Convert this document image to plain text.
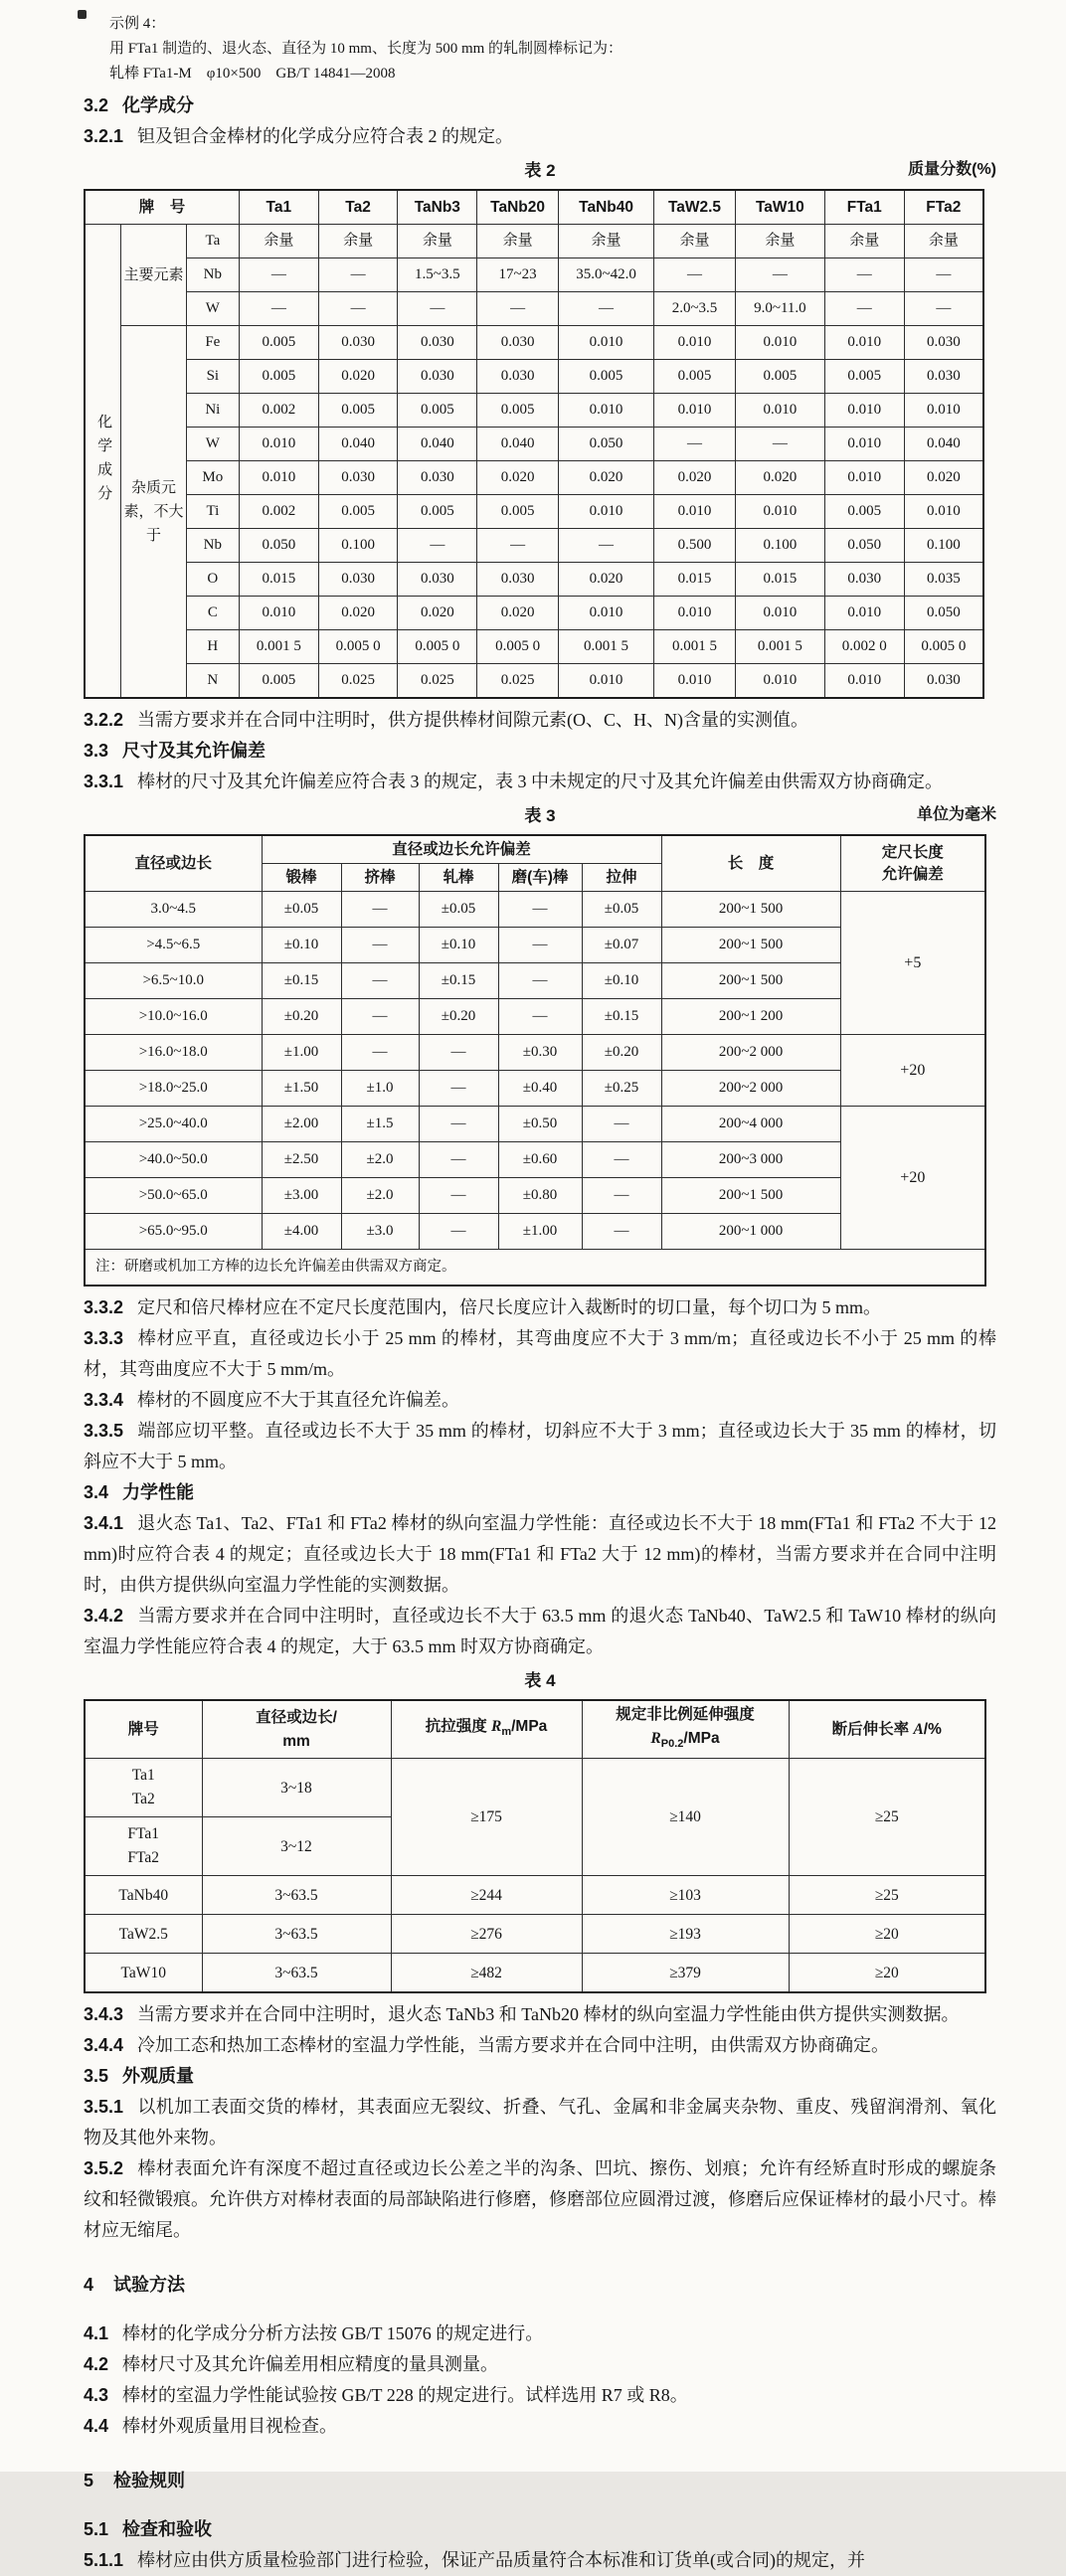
示例 4：

用 FTa1 制造的、退火态、直径为 10 mm、长度为 500 mm 的轧制圆棒标记为：

轧棒 FTa1-M　φ10×500　GB/T 14841—2008

3.2 化学成分

3.2.1 钽及钽合金棒材的化学成分应符合表 2 的规定。

表 2	质量分数(%)
牌　号			Ta1	Ta2	TaNb3	TaNb20	TaNb40	TaW2.5	TaW10	FTa1	FTa2
化学成分	主要元素	Ta	余量	余量	余量	余量	余量	余量	余量	余量	余量
		Nb	—	—	1.5~3.5	17~23	35.0~42.0	—	—	—	—
		W	—	—	—	—	—	2.0~3.5	9.0~11.0	—	—
	杂质元素，不大于	Fe	0.005	0.030	0.030	0.030	0.010	0.010	0.010	0.010	0.030
		Si	0.005	0.020	0.030	0.030	0.005	0.005	0.005	0.005	0.030
		Ni	0.002	0.005	0.005	0.005	0.010	0.010	0.010	0.010	0.010
		W	0.010	0.040	0.040	0.040	0.050	—	—	0.010	0.040
		Mo	0.010	0.030	0.030	0.020	0.020	0.020	0.020	0.010	0.020
		Ti	0.002	0.005	0.005	0.005	0.010	0.010	0.010	0.005	0.010
		Nb	0.050	0.100	—	—	—	0.500	0.100	0.050	0.100
		O	0.015	0.030	0.030	0.030	0.020	0.015	0.015	0.030	0.035
		C	0.010	0.020	0.020	0.020	0.010	0.010	0.010	0.010	0.050
		H	0.001 5	0.005 0	0.005 0	0.005 0	0.001 5	0.001 5	0.001 5	0.002 0	0.005 0
		N	0.005	0.025	0.025	0.025	0.010	0.010	0.010	0.010	0.030

3.2.2 当需方要求并在合同中注明时，供方提供棒材间隙元素(O、C、H、N)含量的实测值。

3.3 尺寸及其允许偏差

3.3.1 棒材的尺寸及其允许偏差应符合表 3 的规定，表 3 中未规定的尺寸及其允许偏差由供需双方协商确定。

表 3	单位为毫米
直径或边长	直径或边长允许偏差					长　度	定尺长度
允许偏差
	锻棒	挤棒	轧棒	磨(车)棒	拉伸		
3.0~4.5	±0.05	—	±0.05	—	±0.05	200~1 500	+5
>4.5~6.5	±0.10	—	±0.10	—	±0.07	200~1 500	
>6.5~10.0	±0.15	—	±0.15	—	±0.10	200~1 500	
>10.0~16.0	±0.20	—	±0.20	—	±0.15	200~1 200	
>16.0~18.0	±1.00	—	—	±0.30	±0.20	200~2 000	+20
>18.0~25.0	±1.50	±1.0	—	±0.40	±0.25	200~2 000	
>25.0~40.0	±2.00	±1.5	—	±0.50	—	200~4 000	+20
>40.0~50.0	±2.50	±2.0	—	±0.60	—	200~3 000	
>50.0~65.0	±3.00	±2.0	—	±0.80	—	200~1 500	
>65.0~95.0	±4.00	±3.0	—	±1.00	—	200~1 000	
注：研磨或机加工方棒的边长允许偏差由供需双方商定。							

3.3.2 定尺和倍尺棒材应在不定尺长度范围内，倍尺长度应计入裁断时的切口量，每个切口为 5 mm。

3.3.3 棒材应平直，直径或边长小于 25 mm 的棒材，其弯曲度应不大于 3 mm/m；直径或边长不小于 25 mm 的棒材，其弯曲度应不大于 5 mm/m。

3.3.4 棒材的不圆度应不大于其直径允许偏差。

3.3.5 端部应切平整。直径或边长不大于 35 mm 的棒材，切斜应不大于 3 mm；直径或边长大于 35 mm 的棒材，切斜应不大于 5 mm。

3.4 力学性能

3.4.1 退火态 Ta1、Ta2、FTa1 和 FTa2 棒材的纵向室温力学性能：直径或边长不大于 18 mm(FTa1 和 FTa2 不大于 12 mm)时应符合表 4 的规定；直径或边长大于 18 mm(FTa1 和 FTa2 大于 12 mm)的棒材，当需方要求并在合同中注明时，由供方提供纵向室温力学性能的实测数据。

3.4.2 当需方要求并在合同中注明时，直径或边长不大于 63.5 mm 的退火态 TaNb40、TaW2.5 和 TaW10 棒材的纵向室温力学性能应符合表 4 的规定，大于 63.5 mm 时双方协商确定。

表 4
牌号	直径或边长/
mm	抗拉强度 $R_m$/MPa	规定非比例延伸强度
$R_{P0.2}$/MPa	断后伸长率 A/%
Ta1
Ta2	3~18	≥175	≥140	≥25
FTa1
FTa2	3~12			
TaNb40	3~63.5	≥244	≥103	≥25
TaW2.5	3~63.5	≥276	≥193	≥20
TaW10	3~63.5	≥482	≥379	≥20

3.4.3 当需方要求并在合同中注明时，退火态 TaNb3 和 TaNb20 棒材的纵向室温力学性能由供方提供实测数据。

3.4.4 冷加工态和热加工态棒材的室温力学性能，当需方要求并在合同中注明，由供需双方协商确定。

3.5 外观质量

3.5.1 以机加工表面交货的棒材，其表面应无裂纹、折叠、气孔、金属和非金属夹杂物、重皮、残留润滑剂、氧化物及其他外来物。

3.5.2 棒材表面允许有深度不超过直径或边长公差之半的沟条、凹坑、擦伤、划痕；允许有经矫直时形成的螺旋条纹和轻微锻痕。允许供方对棒材表面的局部缺陷进行修磨，修磨部位应圆滑过渡，修磨后应保证棒材的最小尺寸。棒材应无缩尾。

4 试验方法

4.1 棒材的化学成分分析方法按 GB/T 15076 的规定进行。

4.2 棒材尺寸及其允许偏差用相应精度的量具测量。

4.3 棒材的室温力学性能试验按 GB/T 228 的规定进行。试样选用 R7 或 R8。

4.4 棒材外观质量用目视检查。

5 检验规则

5.1 检查和验收

5.1.1 棒材应由供方质量检验部门进行检验，保证产品质量符合本标准和订货单(或合同)的规定，并
